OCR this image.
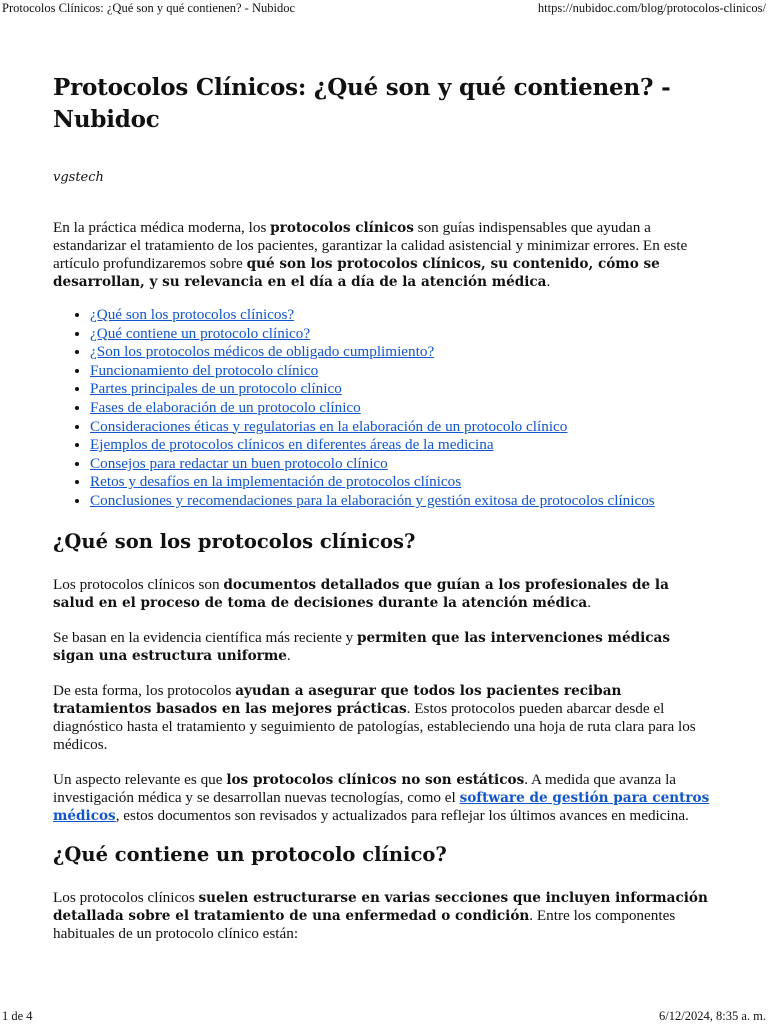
Protocolos Clínicos: ¿Qué son y qué contienen? - Nubidoc	https://nubidoc.com/blog/protocolos-clinicos/
Protocolos Clínicos: ¿Qué son y qué contienen? - Nubidoc
vgstech

En la práctica médica moderna, los protocolos clínicos son guías indispensables que ayudan a estandarizar el tratamiento de los pacientes, garantizar la calidad asistencial y minimizar errores. En este artículo profundizaremos sobre qué son los protocolos clínicos, su contenido, cómo se desarrollan, y su relevancia en el día a día de la atención médica.

• ¿Qué son los protocolos clínicos?
• ¿Qué contiene un protocolo clínico?
• ¿Son los protocolos médicos de obligado cumplimiento?
• Funcionamiento del protocolo clínico
• Partes principales de un protocolo clínico
• Fases de elaboración de un protocolo clínico
• Consideraciones éticas y regulatorias en la elaboración de un protocolo clínico
• Ejemplos de protocolos clínicos en diferentes áreas de la medicina
• Consejos para redactar un buen protocolo clínico
• Retos y desafíos en la implementación de protocolos clínicos
• Conclusiones y recomendaciones para la elaboración y gestión exitosa de protocolos clínicos
¿Qué son los protocolos clínicos?

Los protocolos clínicos son documentos detallados que guían a los profesionales de la salud en el proceso de toma de decisiones durante la atención médica.

Se basan en la evidencia científica más reciente y permiten que las intervenciones médicas sigan una estructura uniforme.

De esta forma, los protocolos ayudan a asegurar que todos los pacientes reciban tratamientos basados en las mejores prácticas. Estos protocolos pueden abarcar desde el diagnóstico hasta el tratamiento y seguimiento de patologías, estableciendo una hoja de ruta clara para los médicos.

Un aspecto relevante es que los protocolos clínicos no son estáticos. A medida que avanza la investigación médica y se desarrollan nuevas tecnologías, como el software de gestión para centros médicos, estos documentos son revisados y actualizados para reflejar los últimos avances en medicina.

¿Qué contiene un protocolo clínico?

Los protocolos clínicos suelen estructurarse en varias secciones que incluyen información detallada sobre el tratamiento de una enfermedad o condición. Entre los componentes habituales de un protocolo clínico están:

1 de 4	6/12/2024, 8:35 a. m.
